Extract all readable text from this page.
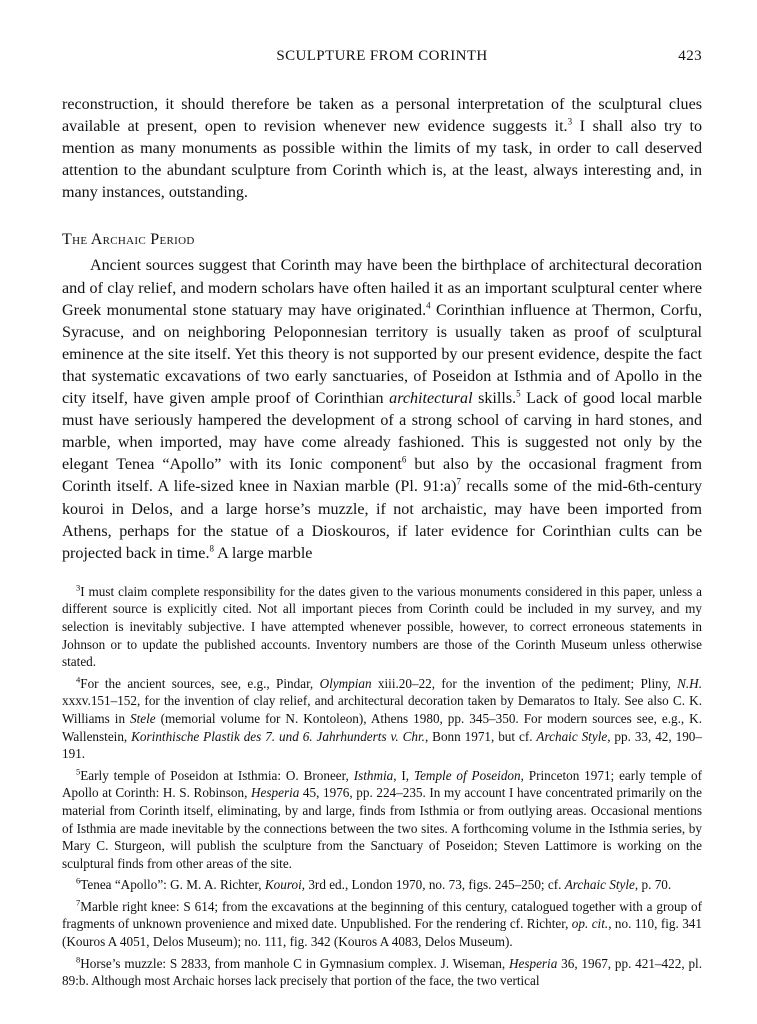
SCULPTURE FROM CORINTH	423

reconstruction, it should therefore be taken as a personal interpretation of the sculptural clues available at present, open to revision whenever new evidence suggests it.$^3$ I shall also try to mention as many monuments as possible within the limits of my task, in order to call deserved attention to the abundant sculpture from Corinth which is, at the least, always interesting and, in many instances, outstanding.

The Archaic Period

Ancient sources suggest that Corinth may have been the birthplace of architectural decoration and of clay relief, and modern scholars have often hailed it as an important sculptural center where Greek monumental stone statuary may have originated.$^4$ Corinthian influence at Thermon, Corfu, Syracuse, and on neighboring Peloponnesian territory is usually taken as proof of sculptural eminence at the site itself. Yet this theory is not supported by our present evidence, despite the fact that systematic excavations of two early sanctuaries, of Poseidon at Isthmia and of Apollo in the city itself, have given ample proof of Corinthian architectural skills.$^5$ Lack of good local marble must have seriously hampered the development of a strong school of carving in hard stones, and marble, when imported, may have come already fashioned. This is suggested not only by the elegant Tenea “Apollo” with its Ionic component$^6$ but also by the occasional fragment from Corinth itself. A life-sized knee in Naxian marble (Pl. 91:a)$^7$ recalls some of the mid-6th-century kouroi in Delos, and a large horse’s muzzle, if not archaistic, may have been imported from Athens, perhaps for the statue of a Dioskouros, if later evidence for Corinthian cults can be projected back in time.$^8$ A large marble

$^3$I must claim complete responsibility for the dates given to the various monuments considered in this paper, unless a different source is explicitly cited. Not all important pieces from Corinth could be included in my survey, and my selection is inevitably subjective. I have attempted whenever possible, however, to correct erroneous statements in Johnson or to update the published accounts. Inventory numbers are those of the Corinth Museum unless otherwise stated.

$^4$For the ancient sources, see, e.g., Pindar, Olympian xiii.20–22, for the invention of the pediment; Pliny, N.H. xxxv.151–152, for the invention of clay relief, and architectural decoration taken by Demaratos to Italy. See also C. K. Williams in Stele (memorial volume for N. Kontoleon), Athens 1980, pp. 345–350. For modern sources see, e.g., K. Wallenstein, Korinthische Plastik des 7. und 6. Jahrhunderts v. Chr., Bonn 1971, but cf. Archaic Style, pp. 33, 42, 190–191.

$^5$Early temple of Poseidon at Isthmia: O. Broneer, Isthmia, I, Temple of Poseidon, Princeton 1971; early temple of Apollo at Corinth: H. S. Robinson, Hesperia 45, 1976, pp. 224–235. In my account I have concentrated primarily on the material from Corinth itself, eliminating, by and large, finds from Isthmia or from outlying areas. Occasional mentions of Isthmia are made inevitable by the connections between the two sites. A forthcoming volume in the Isthmia series, by Mary C. Sturgeon, will publish the sculpture from the Sanctuary of Poseidon; Steven Lattimore is working on the sculptural finds from other areas of the site.

$^6$Tenea “Apollo”: G. M. A. Richter, Kouroi, 3rd ed., London 1970, no. 73, figs. 245–250; cf. Archaic Style, p. 70.

$^7$Marble right knee: S 614; from the excavations at the beginning of this century, catalogued together with a group of fragments of unknown provenience and mixed date. Unpublished. For the rendering cf. Richter, op. cit., no. 110, fig. 341 (Kouros A 4051, Delos Museum); no. 111, fig. 342 (Kouros A 4083, Delos Museum).

$^8$Horse’s muzzle: S 2833, from manhole C in Gymnasium complex. J. Wiseman, Hesperia 36, 1967, pp. 421–422, pl. 89:b. Although most Archaic horses lack precisely that portion of the face, the two vertical
